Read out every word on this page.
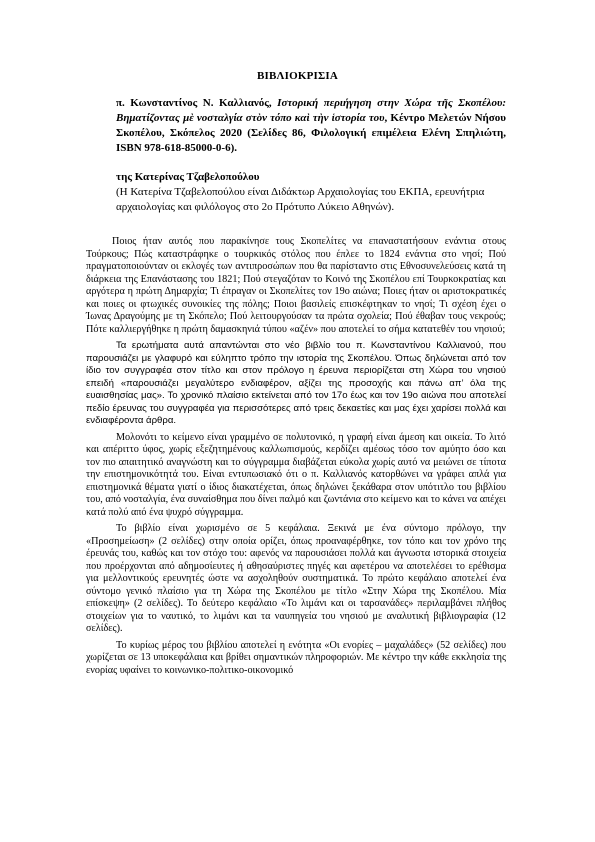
ΒΙΒΛΙΟΚΡΙΣΙΑ
π. Κωνσταντίνος Ν. Καλλιανός, Ιστορική περιήγηση στην Χώρα τῆς Σκοπέλου: Βηματίζοντας μὲ νοσταλγία στὸν τόπο καὶ τὴν ἱστορία του, Κέντρο Μελετών Νήσου Σκοπέλου, Σκόπελος 2020 (Σελίδες 86, Φιλολογική επιμέλεια Ελένη Σπηλιώτη, ISBN 978-618-85000-0-6).
της Κατερίνας Τζαβελοπούλου
(Η Κατερίνα Τζαβελοπούλου είναι Διδάκτωρ Αρχαιολογίας του ΕΚΠΑ, ερευνήτρια αρχαιολογίας και φιλόλογος στο 2ο Πρότυπο Λύκειο Αθηνών).

Ποιος ήταν αυτός που παρακίνησε τους Σκοπελίτες να επαναστατήσουν ενάντια στους Τούρκους; Πώς καταστράφηκε ο τουρκικός στόλος που έπλεε το 1824 ενάντια στο νησί; Πού πραγματοποιούνταν οι εκλογές των αντιπροσώπων που θα παρίσταντο στις Εθνοσυνελεύσεις κατά τη διάρκεια της Επανάστασης του 1821; Πού στεγαζόταν το Κοινό της Σκοπέλου επί Τουρκοκρατίας και αργότερα η πρώτη Δημαρχία; Τι έπραγαν οι Σκοπελίτες τον 19ο αιώνα; Ποιες ήταν οι αριστοκρατικές και ποιες οι φτωχικές συνοικίες της πόλης; Ποιοι βασιλείς επισκέφτηκαν το νησί; Τι σχέση έχει ο Ίωνας Δραγούμης με τη Σκόπελο; Πού λειτουργούσαν τα πρώτα σχολεία; Πού έθαβαν τους νεκρούς; Πότε καλλιεργήθηκε η πρώτη δαμασκηνιά τύπου «αζέν» που αποτελεί το σήμα κατατεθέν του νησιού;

Τα ερωτήματα αυτά απαντώνται στο νέο βιβλίο του π. Κωνσταντίνου Καλλιανού, που παρουσιάζει με γλαφυρό και εύληπτο τρόπο την ιστορία της Σκοπέλου. Όπως δηλώνεται από τον ίδιο τον συγγραφέα στον τίτλο και στον πρόλογο η έρευνα περιορίζεται στη Χώρα του νησιού επειδή «παρουσιάζει μεγαλύτερο ενδιαφέρον, αξίζει της προσοχής και πάνω απ’ όλα της ευαισθησίας μας». Το χρονικό πλαίσιο εκτείνεται από τον 17ο έως και τον 19ο αιώνα που αποτελεί πεδίο έρευνας του συγγραφέα για περισσότερες από τρεις δεκαετίες και μας έχει χαρίσει πολλά και ενδιαφέροντα άρθρα.

Μολονότι το κείμενο είναι γραμμένο σε πολυτονικό, η γραφή είναι άμεση και οικεία. Το λιτό και απέριττο ύφος, χωρίς εξεζητημένους καλλωπισμούς, κερδίζει αμέσως τόσο τον αμύητο όσο και τον πιο απαιτητικό αναγνώστη και το σύγγραμμα διαβάζεται εύκολα χωρίς αυτό να μειώνει σε τίποτα την επιστημονικότητά του. Είναι εντυπωσιακό ότι ο π. Καλλιανός κατορθώνει να γράφει απλά για επιστημονικά θέματα γιατί ο ίδιος διακατέχεται, όπως δηλώνει ξεκάθαρα στον υπότιτλο του βιβλίου του, από νοσταλγία, ένα συναίσθημα που δίνει παλμό και ζωντάνια στο κείμενο και το κάνει να απέχει κατά πολύ από ένα ψυχρό σύγγραμμα.

Το βιβλίο είναι χωρισμένο σε 5 κεφάλαια. Ξεκινά με ένα σύντομο πρόλογο, την «Προσημείωση» (2 σελίδες) στην οποία ορίζει, όπως προαναφέρθηκε, τον τόπο και τον χρόνο της έρευνάς του, καθώς και τον στόχο του: αφενός να παρουσιάσει πολλά και άγνωστα ιστορικά στοιχεία που προέρχονται από αδημοσίευτες ή αθησαύριστες πηγές και αφετέρου να αποτελέσει το ερέθισμα για μελλοντικούς ερευνητές ώστε να ασχοληθούν συστηματικά. Το πρώτο κεφάλαιο αποτελεί ένα σύντομο γενικό πλαίσιο για τη Χώρα της Σκοπέλου με τίτλο «Στην Χώρα της Σκοπέλου. Μία επίσκεψη» (2 σελίδες). Το δεύτερο κεφάλαιο «Το λιμάνι και οι ταρσανάδες» περιλαμβάνει πλήθος στοιχείων για το ναυτικό, το λιμάνι και τα ναυπηγεία του νησιού με αναλυτική βιβλιογραφία (12 σελίδες).

Το κυρίως μέρος του βιβλίου αποτελεί η ενότητα «Οι ενορίες – μαχαλάδες» (52 σελίδες) που χωρίζεται σε 13 υποκεφάλαια και βρίθει σημαντικών πληροφοριών. Με κέντρο την κάθε εκκλησία της ενορίας υφαίνει το κοινωνικο-πολιτικο-οικονομικό
